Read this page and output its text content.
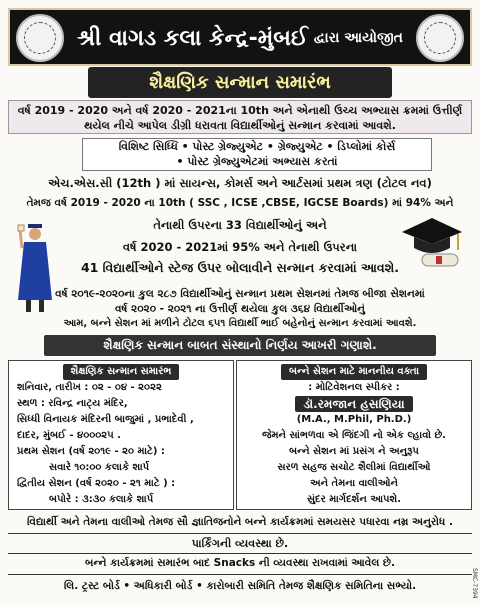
શ્રી વાગડ કલા કેન્દ્ર-મુંબઈ દ્વારા આયોજીત
શૈક્ષણિક સન્માન સમારંભ
વર્ષ 2019 - 2020 અને વર્ષ 2020 - 2021ના 10th અને એનાથી ઉચ્ચ અભ્યાસ ક્રમમાં ઉત્તીર્ણ
થયેલ નીચે આપેલ ડીગ્રી ધરાવતા વિદ્યાર્થીઓનું સન્માન કરવામાં આવશે.
વિશિષ્ટ સિધ્ધિ • પોસ્ટ ગ્રેજ્યુએટ • ગ્રેજ્યુએટ • ડિપ્લોમાં કોર્સ
• પોસ્ટ ગ્રેજ્યુએટમાં અભ્યાસ કરતાં
એચ.એસ.સી (12th ) માં સાયન્સ, કોમર્સ અને આર્ટસમાં પ્રથમ ત્રણ (ટોટલ નવ)
તેમજ વર્ષ 2019 - 2020 ના 10th ( SSC , ICSE ,CBSE, IGCSE Boards) માં 94% અને
તેનાથી ઉપરના 33 વિદ્યાર્થીઓનું અને
વર્ષ 2020 - 2021માં 95% અને તેનાથી ઉપરના
41 વિદ્યાર્થીઓને સ્ટેજ ઉપર બોલાવીને સન્માન કરવામાં આવશે.
વર્ષ ૨૦૧૯-૨૦૨૦ના કુલ ૨૮૭ વિદ્યાર્થીઓનું સન્માન પ્રથમ સેશનમાં તેમજ બીજા સેશનમાં
વર્ષ ૨૦૨૦ - ૨૦૨૧ ના ઉત્તીર્ણ થયેલા કુલ ૩૬૪ વિદ્યાર્થીઓનું
આમ, બન્ને સેશન માં મળીને ટોટલ ૬૫૧ વિદ્યાર્થી ભાઈ બહેનોનું સન્માન કરવામાં આવશે.
શૈક્ષણિક સન્માન બાબત સંસ્થાનો નિર્ણય આખરી ગણાશે.
શૈક્ષણિક સન્માન સમારંભ
શનિવાર, તારીખ : ૦૨ - ૦૪ - ૨૦૨૨
સ્થળ : રવિન્દ્ર નાટ્ય મંદિર,
સિધ્ધી વિનાયક મંદિરની બાજુમાં , પ્રભાદેવી ,
દાદર, મુંબઈ - ૪૦૦૦૨૫ .
પ્રથમ સેશન (વર્ષ ૨૦૧૯ - ૨૦ માટે) :
સવારે ૧૦:૦૦ કલાકે શાર્પ
દ્વિતીય સેશન (વર્ષ ૨૦૨૦ - ૨૧ માટે ) :
બપોરે : ૩:૩૦ કલાકે શાર્પ
બન્ને સેશન માટે માનનીય વક્તા
: મોટિવેશનલ સ્પીકર :
ડૉ.રમજાન હસણિયા
(M.A., M.Phil, Ph.D.)
જેમને સાંભળવા એ જિંદગી નો એક લ્હાવો છે.
બન્ને સેશન માં પ્રસંગ ને અનુરૂપ
સરળ સહજ સચોટ શૈલીમાં વિદ્યાર્થીઓ
અને તેમના વાલીઓને
સુંદર માર્ગદર્શન આપશે.
વિદ્યાર્થી અને તેમના વાલીઓ તેમજ સૌ જ્ઞાતિજનોને બન્ને કાર્યક્રમમાં સમયસર પધારવા નમ્ર અનુરોધ .
પાર્કિંગની વ્યવસ્થા છે.
બન્ને કાર્યક્રમમાં સમારંભ બાદ Snacks ની વ્યવસ્થા રાખવામાં આવેલ છે.
લિ. ટ્રસ્ટ બોર્ડ • અધિકારી બોર્ડ • કારોબારી સમિતિ તેમજ શૈક્ષણિક સમિતિના સભ્યો.	SMC-7394
